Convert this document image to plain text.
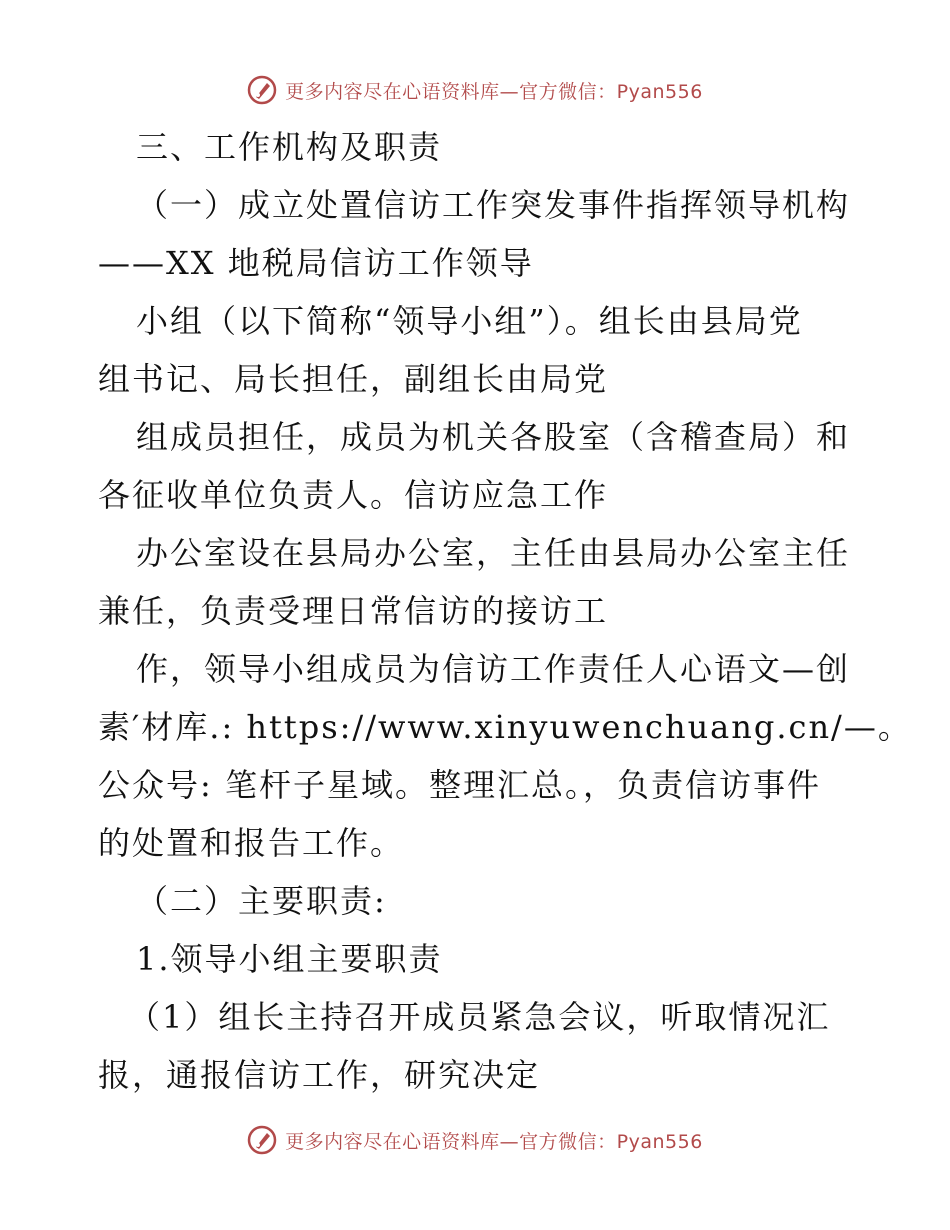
更多内容尽在心语资料库—官方微信：Pyan556
三、工作机构及职责
（一）成立处置信访工作突发事件指挥领导机构
——XX 地税局信访工作领导
小组（以下简称“领导小组”）。组长由县局党
组书记、局长担任，副组长由局党
组成员担任，成员为机关各股室（含稽查局）和
各征收单位负责人。信访应急工作
办公室设在县局办公室，主任由县局办公室主任
兼任，负责受理日常信访的接访工
作，领导小组成员为信访工作责任人心语文—创
素′材库.: https://www.xinyuwenchuang.cn/—。
公众号: 笔杆子星域。整理汇总。，负责信访事件
的处置和报告工作。
（二）主要职责:
1.领导小组主要职责
（1）组长主持召开成员紧急会议，听取情况汇
报，通报信访工作，研究决定
更多内容尽在心语资料库—官方微信：Pyan556
